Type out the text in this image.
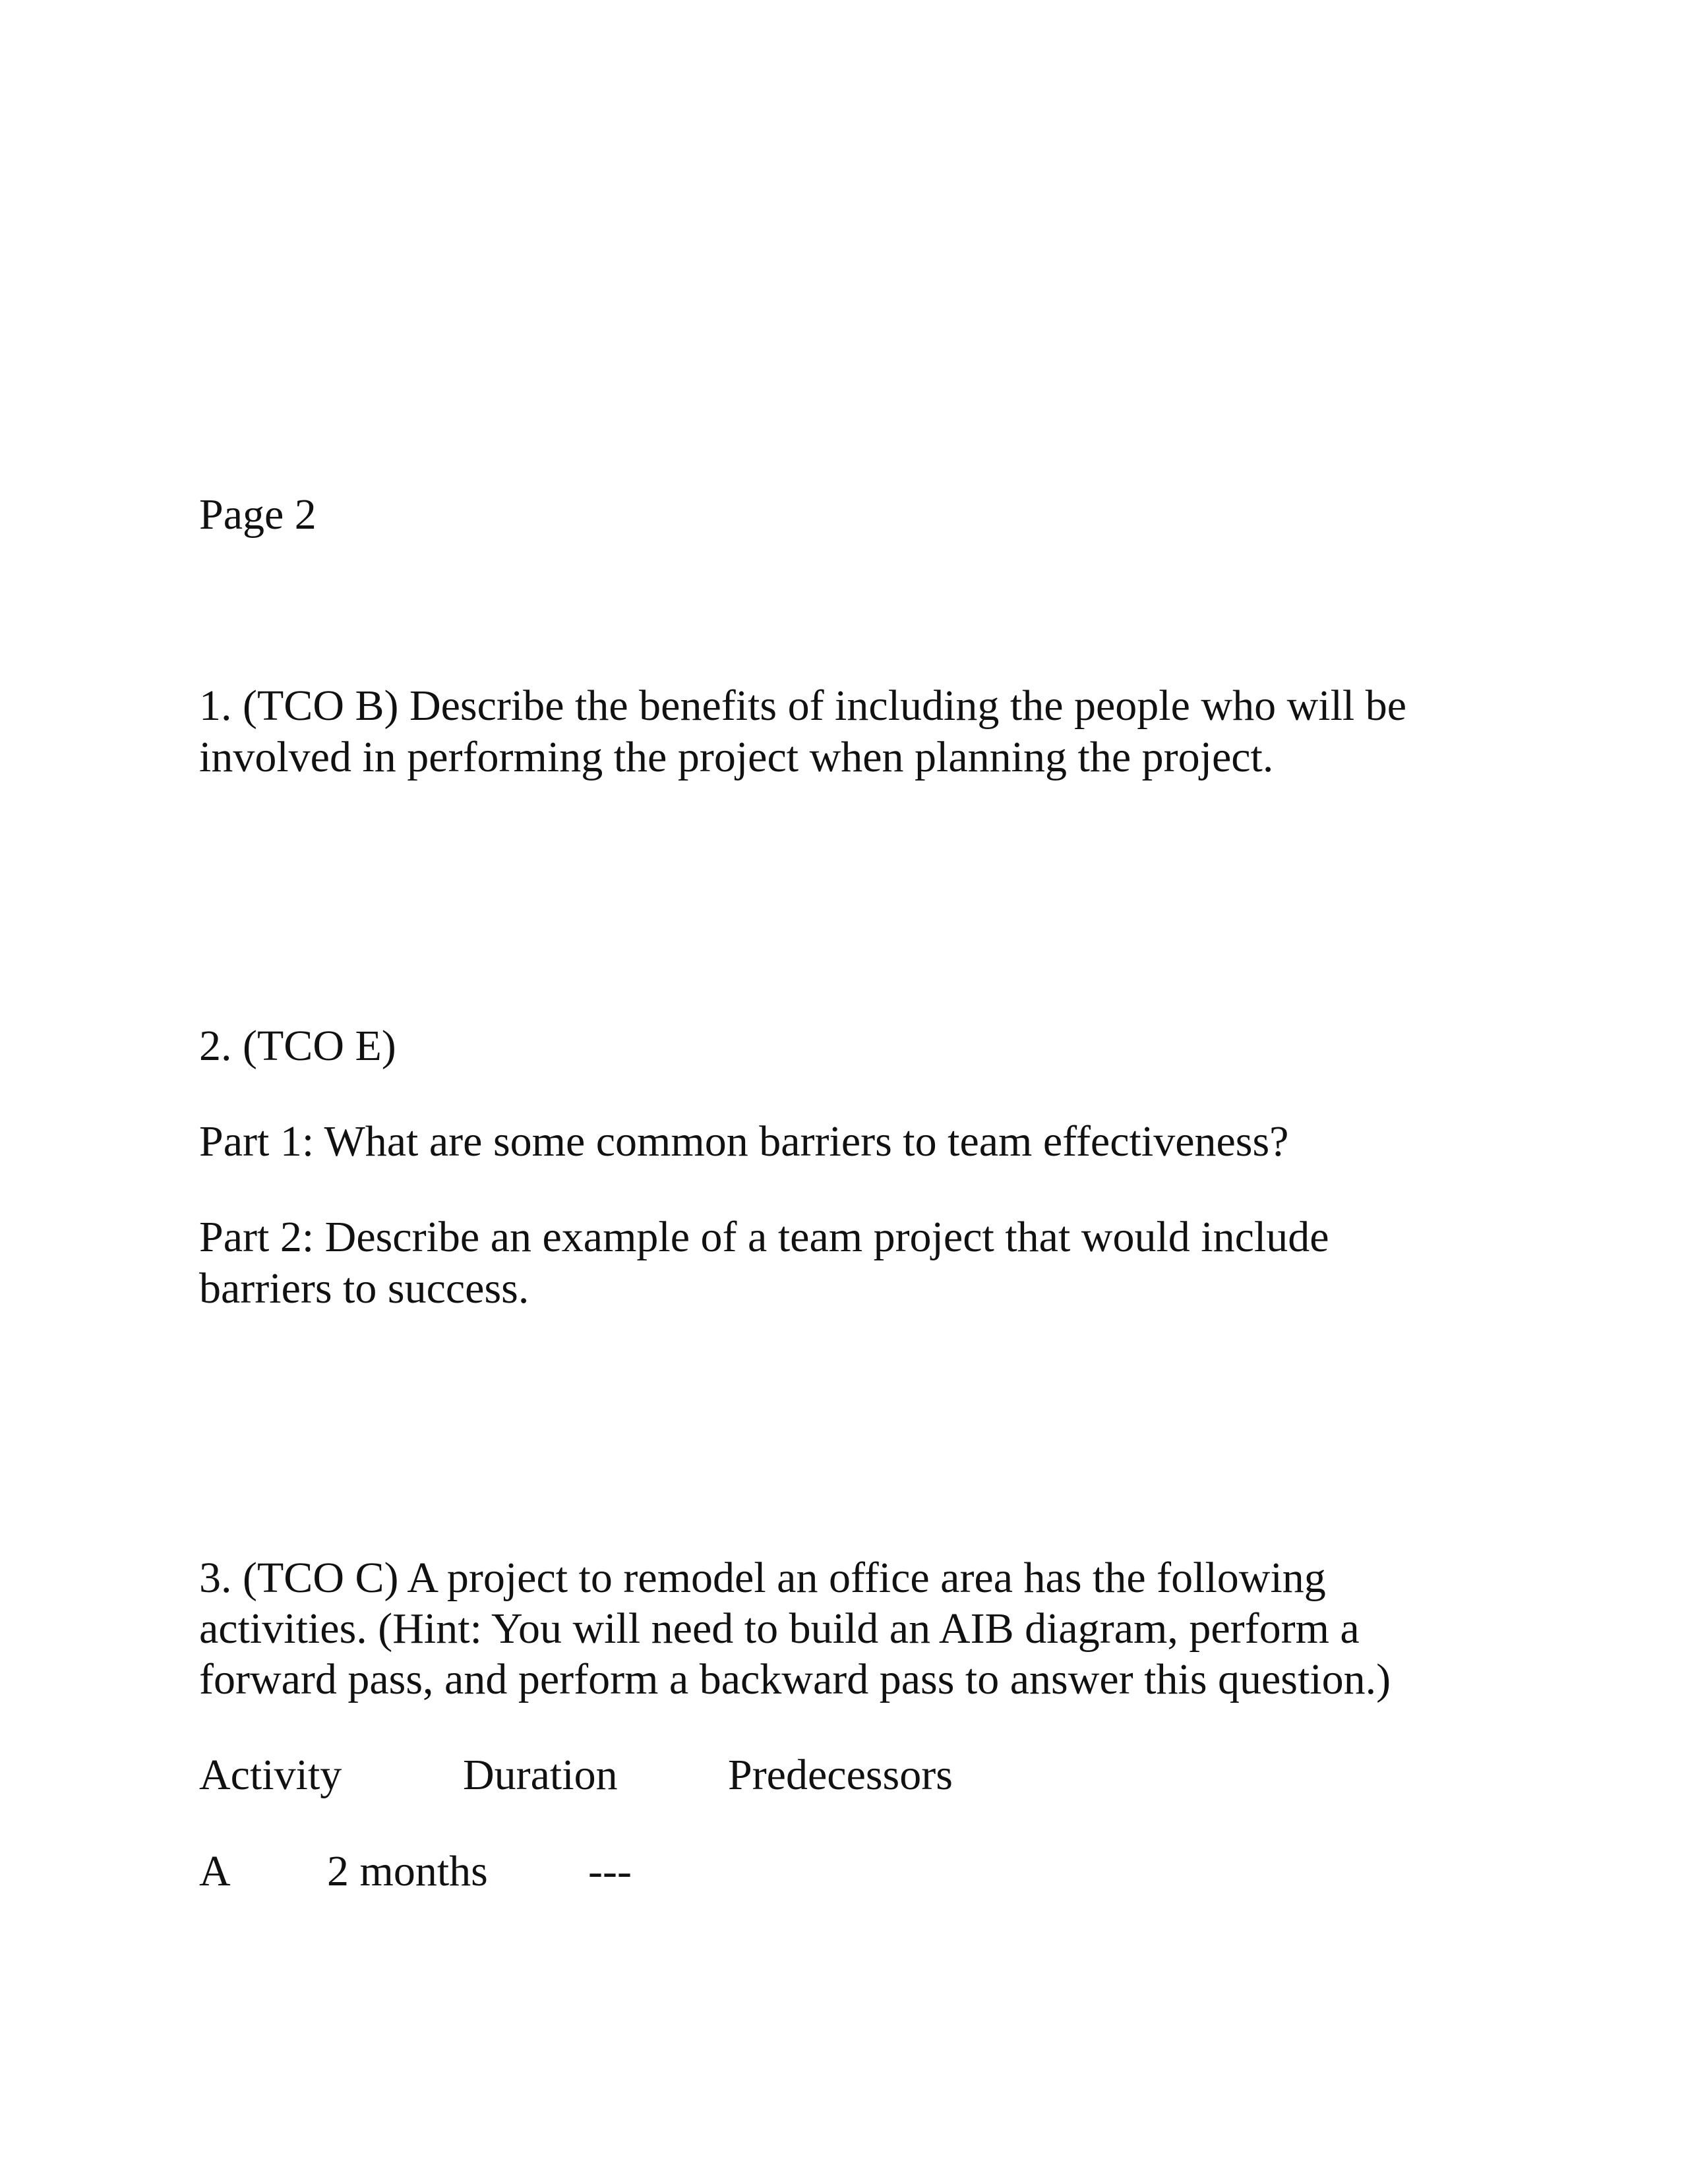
Page 2
1. (TCO B) Describe the benefits of including the people who will be
involved in performing the project when planning the project.
2. (TCO E)
Part 1: What are some common barriers to team effectiveness?
Part 2: Describe an example of a team project that would include
barriers to success.
3. (TCO C) A project to remodel an office area has the following
activities. (Hint: You will need to build an AIB diagram, perform a
forward pass, and perform a backward pass to answer this question.)
Activity	Duration	Predecessors
A 2 months ---
